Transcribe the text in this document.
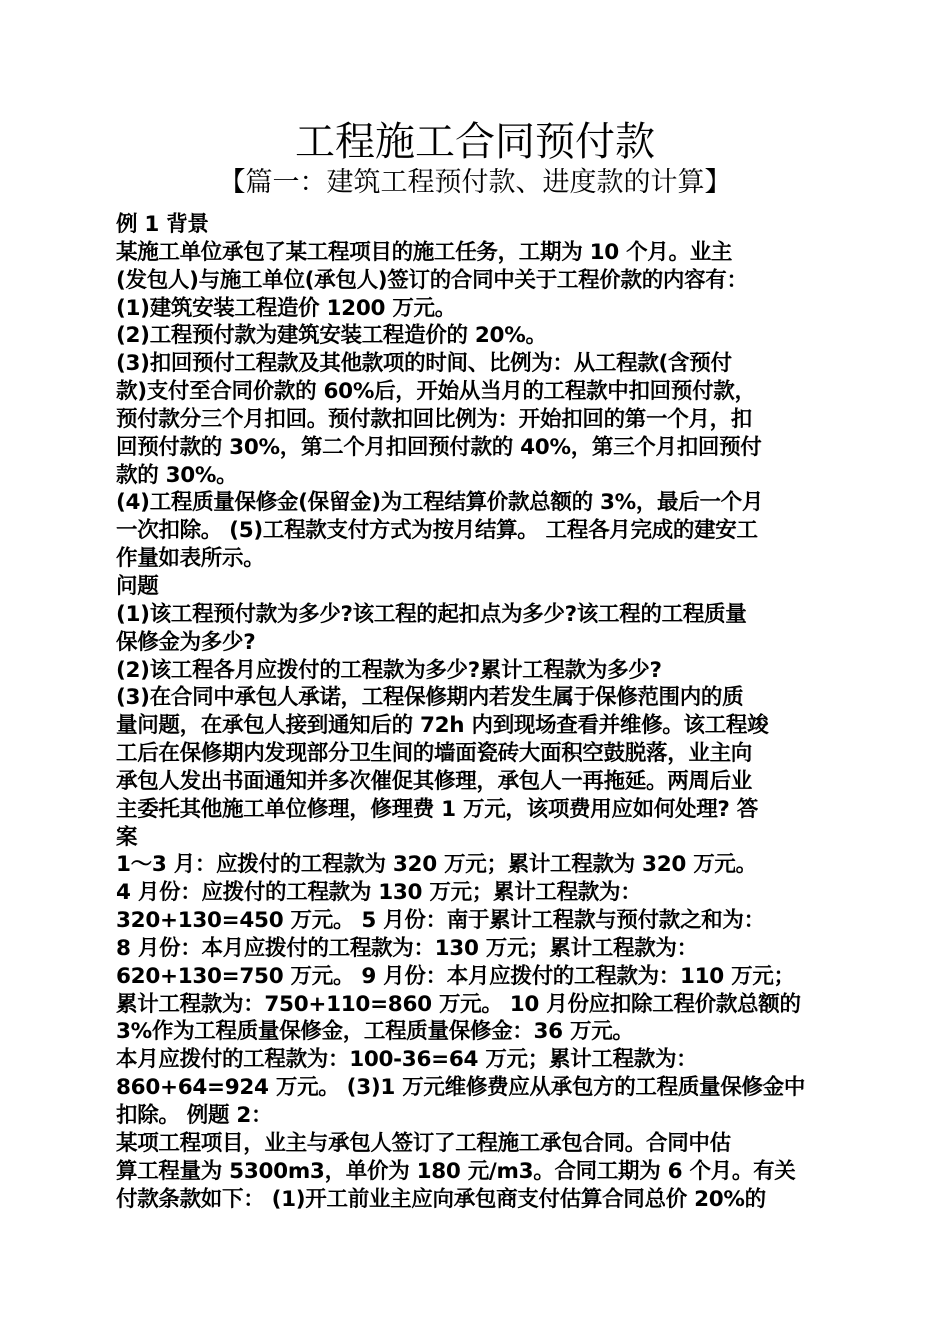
工程施工合同预付款
【篇一：建筑工程预付款、进度款的计算】
例 1 背景
某施工单位承包了某工程项目的施工任务，工期为 10 个月。业主
(发包人)与施工单位(承包人)签订的合同中关于工程价款的内容有：
(1)建筑安装工程造价 1200 万元。
(2)工程预付款为建筑安装工程造价的 20%。
(3)扣回预付工程款及其他款项的时间、比例为：从工程款(含预付
款)支付至合同价款的 60%后，开始从当月的工程款中扣回预付款，
预付款分三个月扣回。预付款扣回比例为：开始扣回的第一个月，扣
回预付款的 30%，第二个月扣回预付款的 40%，第三个月扣回预付
款的 30%。
(4)工程质量保修金(保留金)为工程结算价款总额的 3%，最后一个月
一次扣除。 (5)工程款支付方式为按月结算。 工程各月完成的建安工
作量如表所示。
问题
(1)该工程预付款为多少?该工程的起扣点为多少?该工程的工程质量
保修金为多少?
(2)该工程各月应拨付的工程款为多少?累计工程款为多少?
(3)在合同中承包人承诺，工程保修期内若发生属于保修范围内的质
量问题，在承包人接到通知后的 72h 内到现场查看并维修。该工程竣
工后在保修期内发现部分卫生间的墙面瓷砖大面积空鼓脱落，业主向
承包人发出书面通知并多次催促其修理，承包人一再拖延。两周后业
主委托其他施工单位修理，修理费 1 万元，该项费用应如何处理? 答
案
1～3 月：应拨付的工程款为 320 万元；累计工程款为 320 万元。
4 月份：应拨付的工程款为 130 万元；累计工程款为：
320+130=450 万元。 5 月份：南于累计工程款与预付款之和为：
8 月份：本月应拨付的工程款为：130 万元；累计工程款为：
620+130=750 万元。 9 月份：本月应拨付的工程款为：110 万元；
累计工程款为：750+110=860 万元。 10 月份应扣除工程价款总额的
3%作为工程质量保修金，工程质量保修金：36 万元。
本月应拨付的工程款为：100-36=64 万元；累计工程款为：
860+64=924 万元。 (3)1 万元维修费应从承包方的工程质量保修金中
扣除。 例题 2：
某项工程项目，业主与承包人签订了工程施工承包合同。合同中估
算工程量为 5300m3，单价为 180 元/m3。合同工期为 6 个月。有关
付款条款如下： (1)开工前业主应向承包商支付估算合同总价 20%的
